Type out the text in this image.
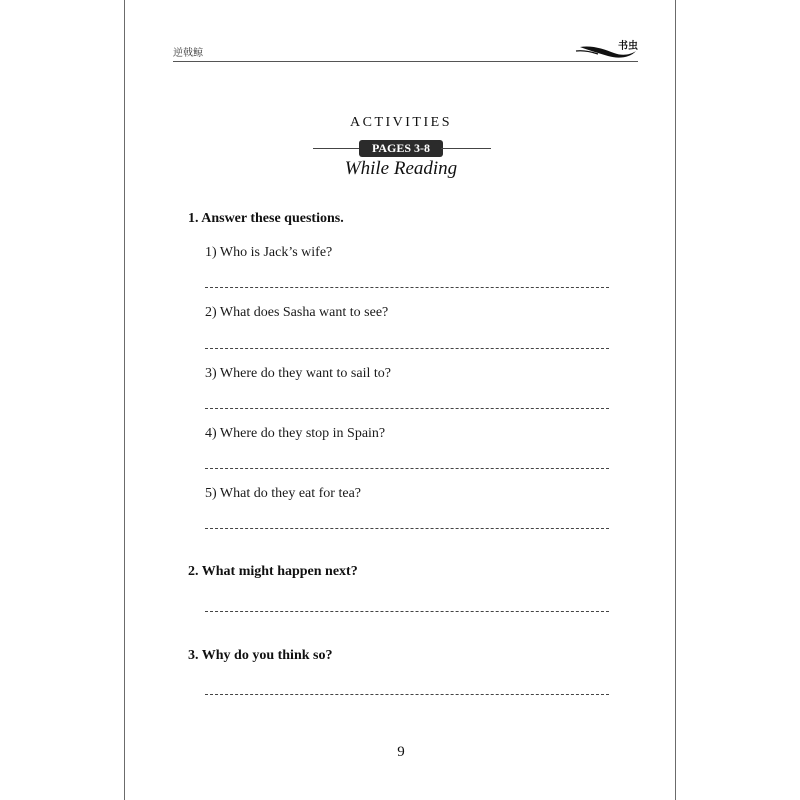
逆戟鲸
书虫
ACTIVITIES
PAGES 3-8
While Reading
1. Answer these questions.
1) Who is Jack’s wife?
2) What does Sasha want to see?
3) Where do they want to sail to?
4) Where do they stop in Spain?
5) What do they eat for tea?
2. What might happen next?
3. Why do you think so?
9
